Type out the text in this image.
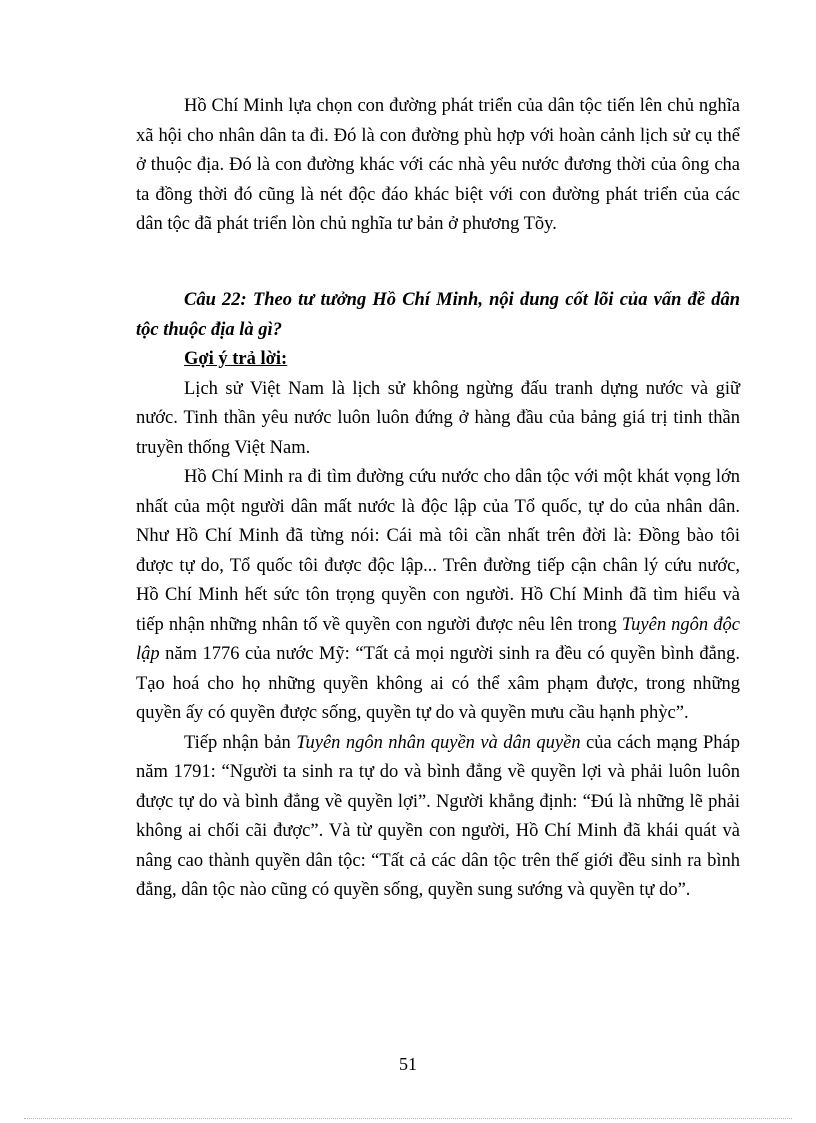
Hồ Chí Minh lựa chọn con đường phát triển của dân tộc tiến lên chủ nghĩa xã hội cho nhân dân ta đi. Đó là con đường phù hợp với hoàn cảnh lịch sử cụ thể ở thuộc địa. Đó là con đường khác với các nhà yêu nước đương thời của ông cha ta đồng thời đó cũng là nét độc đáo khác biệt với con đường phát triển của các dân tộc đã phát triển lòn chủ nghĩa tư bản ở phương Tõy.

Câu 22: Theo tư tưởng Hồ Chí Minh, nội dung cốt lõi của vấn đề dân tộc thuộc địa là gì?

Gợi ý trả lời:

Lịch sử Việt Nam là lịch sử không ngừng đấu tranh dựng nước và giữ nước. Tinh thần yêu nước luôn luôn đứng ở hàng đầu của bảng giá trị tinh thần truyền thống Việt Nam.

Hồ Chí Minh ra đi tìm đường cứu nước cho dân tộc với một khát vọng lớn nhất của một người dân mất nước là độc lập của Tổ quốc, tự do của nhân dân. Như Hồ Chí Minh đã từng nói: Cái mà tôi cần nhất trên đời là: Đồng bào tôi được tự do, Tổ quốc tôi được độc lập... Trên đường tiếp cận chân lý cứu nước, Hồ Chí Minh hết sức tôn trọng quyền con người. Hồ Chí Minh đã tìm hiểu và tiếp nhận những nhân tố về quyền con người được nêu lên trong Tuyên ngôn độc lập năm 1776 của nước Mỹ: “Tất cả mọi người sinh ra đều có quyền bình đẳng. Tạo hoá cho họ những quyền không ai có thể xâm phạm được, trong những quyền ấy có quyền được sống, quyền tự do và quyền mưu cầu hạnh phỳc”.

Tiếp nhận bản Tuyên ngôn nhân quyền và dân quyền của cách mạng Pháp năm 1791: “Người ta sinh ra tự do và bình đẳng về quyền lợi và phải luôn luôn được tự do và bình đẳng về quyền lợi”. Người khẳng định: “Đú là những lẽ phải không ai chối cãi được”. Và từ quyền con người, Hồ Chí Minh đã khái quát và nâng cao thành quyền dân tộc: “Tất cả các dân tộc trên thế giới đều sinh ra bình đẳng, dân tộc nào cũng có quyền sống, quyền sung sướng và quyền tự do”.

51
